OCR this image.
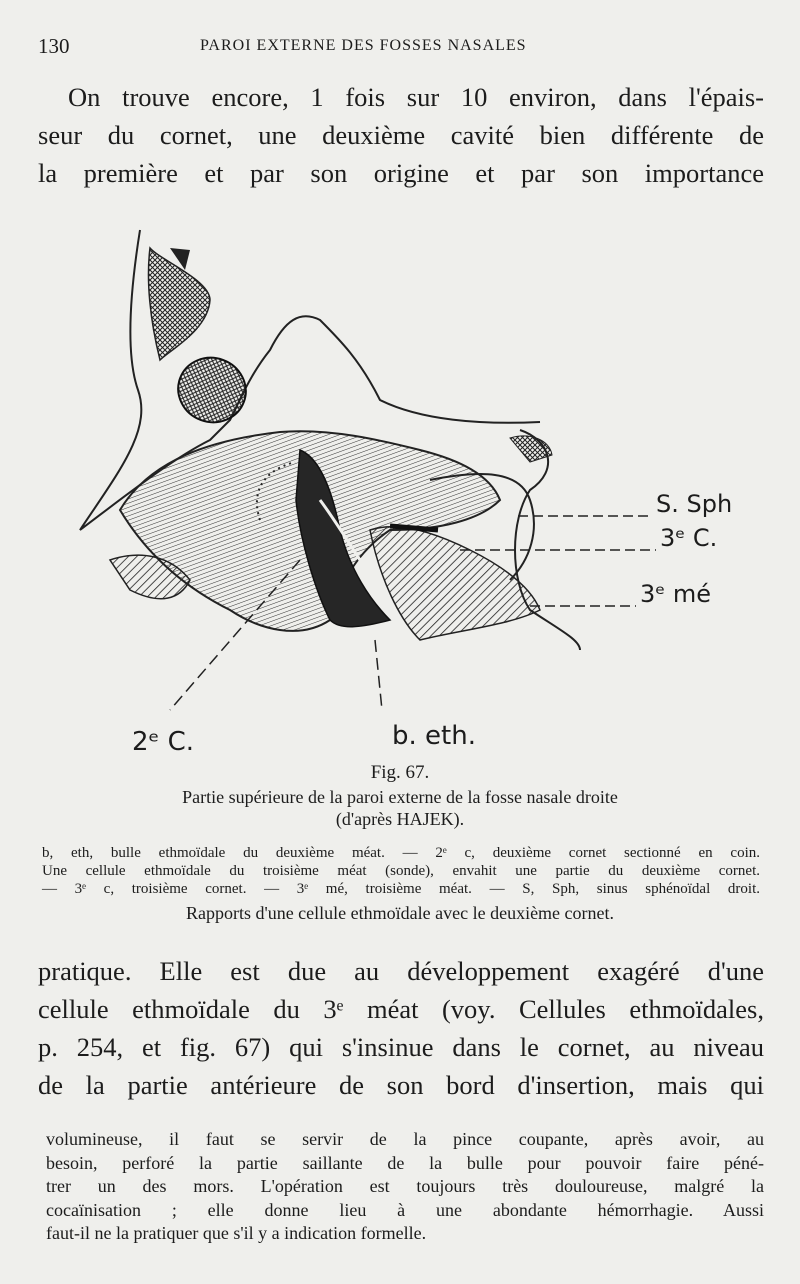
130	PAROI EXTERNE DES FOSSES NASALES
On trouve encore, 1 fois sur 10 environ, dans l'épais-
seur du cornet, une deuxième cavité bien différente de
la première et par son origine et par son importance
S. Sph
3ᵉ C.
3ᵉ mé
2ᵉ C.	b. eth.
Fig. 67.
Partie supérieure de la paroi externe de la fosse nasale droite
(d'après HAJEK).
b, eth, bulle ethmoïdale du deuxième méat. — 2ᵉ c, deuxième cornet sectionné en coin.
Une cellule ethmoïdale du troisième méat (sonde), envahit une partie du deuxième cornet.
— 3ᵉ c, troisième cornet. — 3ᵉ mé, troisième méat. — S, Sph, sinus sphénoïdal droit.
Rapports d'une cellule ethmoïdale avec le deuxième cornet.
pratique. Elle est due au développement exagéré d'une
cellule ethmoïdale du 3ᵉ méat (voy. Cellules ethmoïdales,
p. 254, et fig. 67) qui s'insinue dans le cornet, au niveau
de la partie antérieure de son bord d'insertion, mais qui
volumineuse, il faut se servir de la pince coupante, après avoir, au
besoin, perforé la partie saillante de la bulle pour pouvoir faire péné-
trer un des mors. L'opération est toujours très douloureuse, malgré la
cocaïnisation ; elle donne lieu à une abondante hémorrhagie. Aussi
faut-il ne la pratiquer que s'il y a indication formelle.
